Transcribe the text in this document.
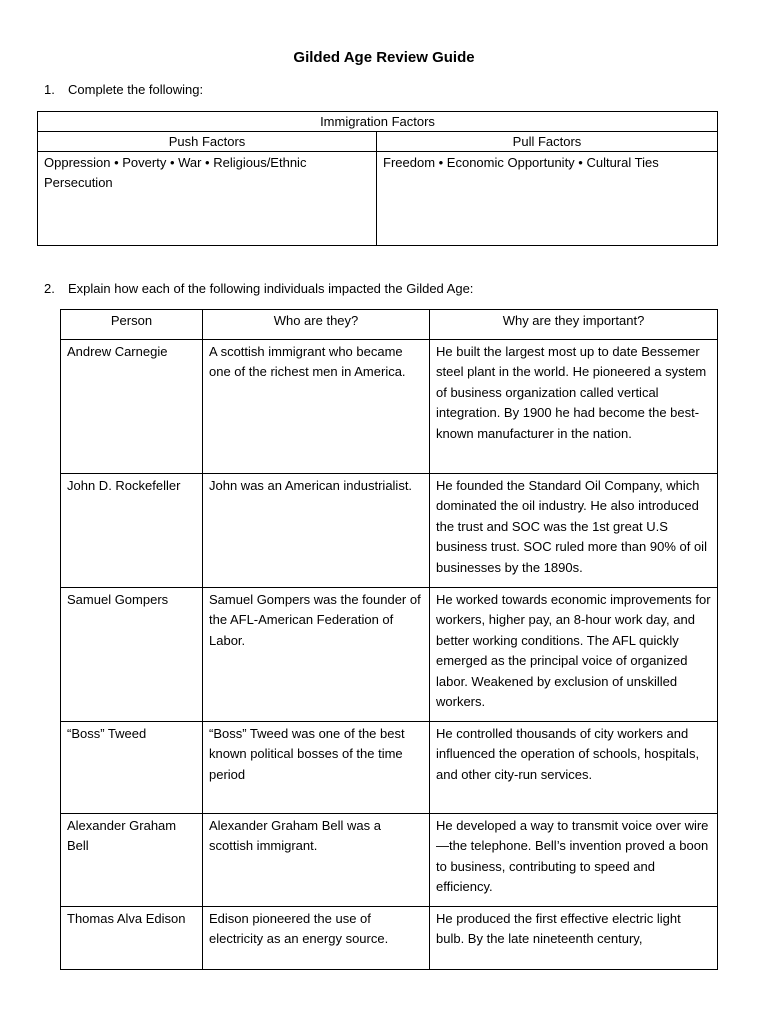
Gilded Age Review Guide
1. Complete the following:
Immigration Factors	
Push Factors	Pull Factors
Oppression • Poverty • War • Religious/Ethnic Persecution	Freedom • Economic Opportunity • Cultural Ties
2. Explain how each of the following individuals impacted the Gilded Age:
Person	Who are they?	Why are they important?
Andrew Carnegie	A scottish immigrant who became one of the richest men in America.	He built the largest most up to date Bessemer steel plant in the world. He pioneered a system of business organization called vertical integration. By 1900 he had become the best- known manufacturer in the nation.
John D. Rockefeller	John was an American industrialist.	He founded the Standard Oil Company, which dominated the oil industry. He also introduced the trust and SOC was the 1st great U.S business trust. SOC ruled more than 90% of oil businesses by the 1890s.
Samuel Gompers	Samuel Gompers was the founder of the AFL-American Federation of Labor.	He worked towards economic improvements for workers, higher pay, an 8-hour work day, and better working conditions. The AFL quickly emerged as the principal voice of organized labor. Weakened by exclusion of unskilled workers.
“Boss” Tweed	“Boss” Tweed was one of the best known political bosses of the time period	He controlled thousands of city workers and influenced the operation of schools, hospitals, and other city-run services.
Alexander Graham Bell	Alexander Graham Bell was a scottish immigrant.	He developed a way to transmit voice over wire—the telephone. Bell’s invention proved a boon to business, contributing to speed and efficiency.
Thomas Alva Edison	Edison pioneered the use of electricity as an energy source.	He produced the first effective electric light bulb. By the late nineteenth century,
